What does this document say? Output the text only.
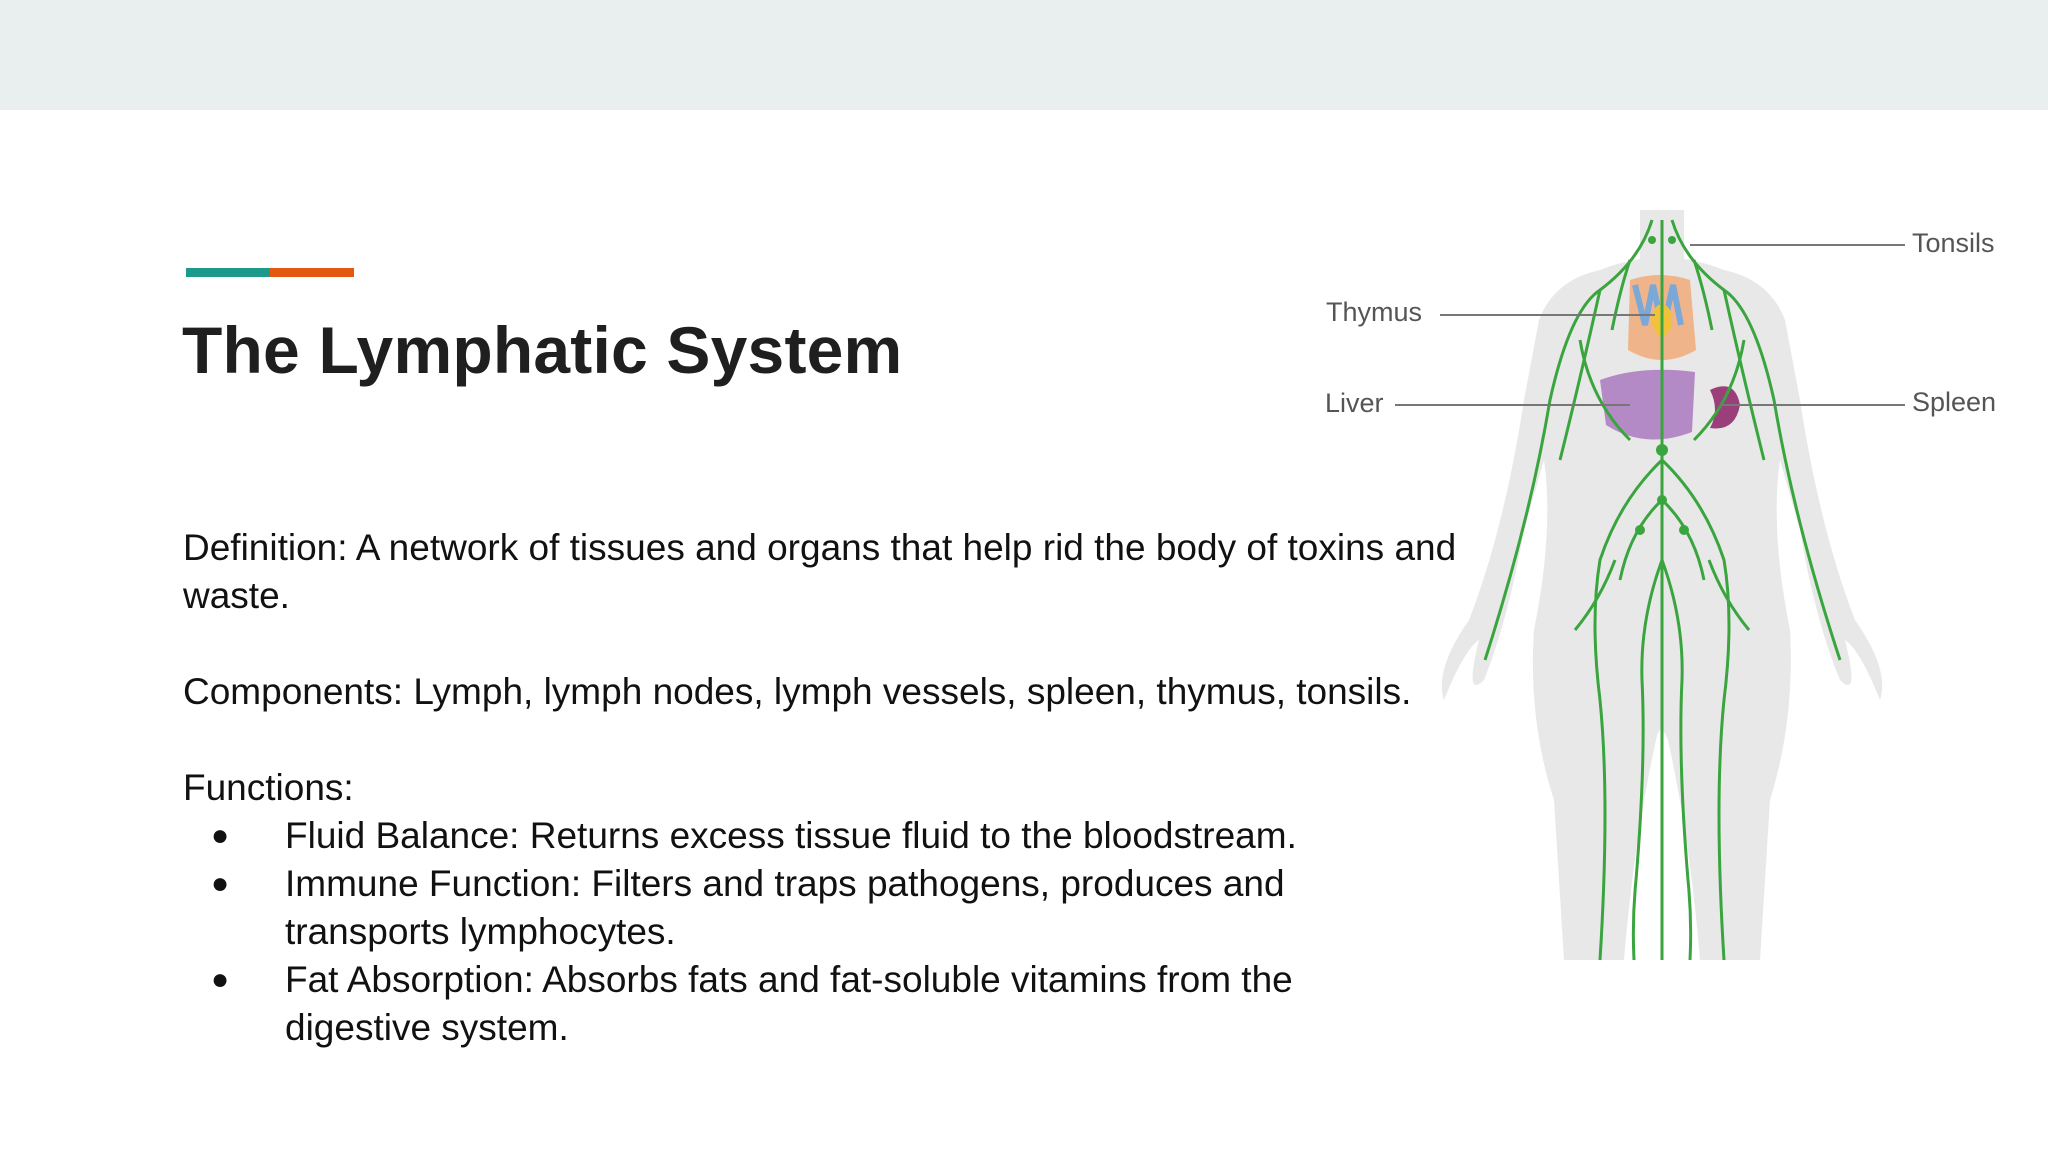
The Lymphatic System

Definition: A network of tissues and organs that help rid the body of toxins and waste.

Components: Lymph, lymph nodes, lymph vessels, spleen, thymus, tonsils.

Functions:

● Fluid Balance: Returns excess tissue fluid to the bloodstream.
● Immune Function: Filters and traps pathogens, produces and transports lymphocytes.
● Fat Absorption: Absorbs fats and fat-soluble vitamins from the digestive system.
Tonsils
Thymus
Liver	Spleen
